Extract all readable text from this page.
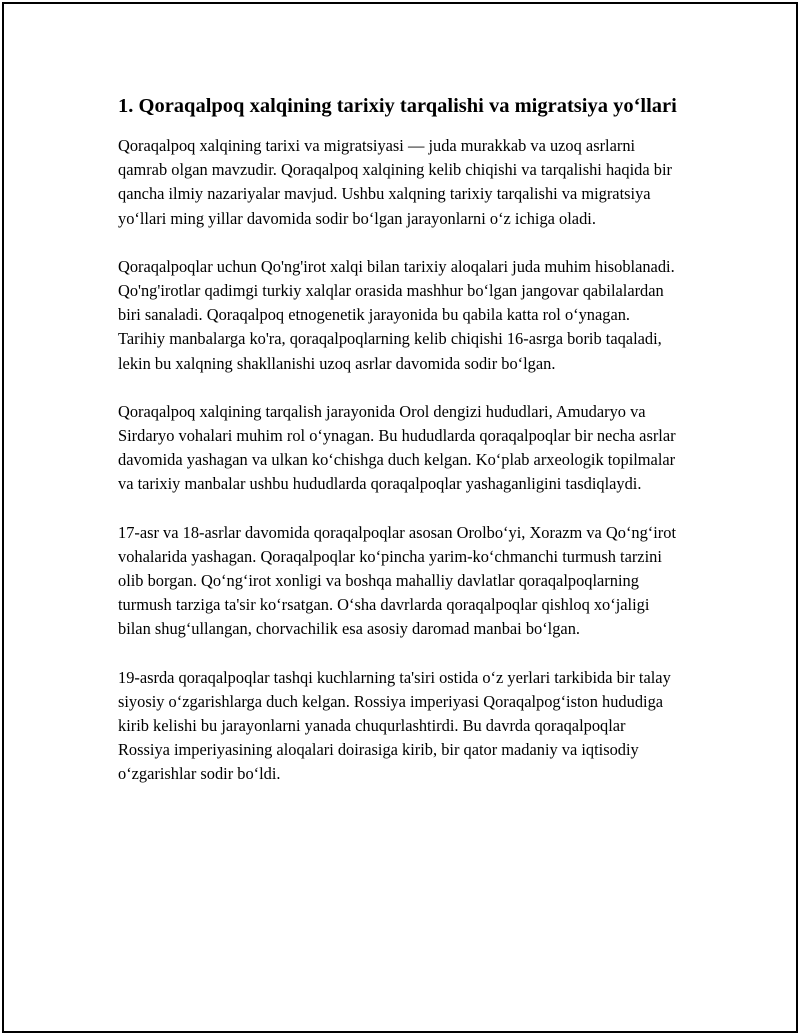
1. Qoraqalpoq xalqining tarixiy tarqalishi va migratsiya yo‘llari

Qoraqalpoq xalqining tarixi va migratsiyasi — juda murakkab va uzoq asrlarni qamrab olgan mavzudir. Qoraqalpoq xalqining kelib chiqishi va tarqalishi haqida bir qancha ilmiy nazariyalar mavjud. Ushbu xalqning tarixiy tarqalishi va migratsiya yo‘llari ming yillar davomida sodir bo‘lgan jarayonlarni o‘z ichiga oladi.

Qoraqalpoqlar uchun Qo'ng'irot xalqi bilan tarixiy aloqalari juda muhim hisoblanadi. Qo'ng'irotlar qadimgi turkiy xalqlar orasida mashhur bo‘lgan jangovar qabilalardan biri sanaladi. Qoraqalpoq etnogenetik jarayonida bu qabila katta rol o‘ynagan. Tarihiy manbalarga ko'ra, qoraqalpoqlarning kelib chiqishi 16-asrga borib taqaladi, lekin bu xalqning shakllanishi uzoq asrlar davomida sodir bo‘lgan.

Qoraqalpoq xalqining tarqalish jarayonida Orol dengizi hududlari, Amudaryo va Sirdaryo vohalari muhim rol o‘ynagan. Bu hududlarda qoraqalpoqlar bir necha asrlar davomida yashagan va ulkan ko‘chishga duch kelgan. Ko‘plab arxeologik topilmalar va tarixiy manbalar ushbu hududlarda qoraqalpoqlar yashaganligini tasdiqlaydi.

17-asr va 18-asrlar davomida qoraqalpoqlar asosan Orolbo‘yi, Xorazm va Qo‘ng‘irot vohalarida yashagan. Qoraqalpoqlar ko‘pincha yarim-ko‘chmanchi turmush tarzini olib borgan. Qo‘ng‘irot xonligi va boshqa mahalliy davlatlar qoraqalpoqlarning turmush tarziga ta'sir ko‘rsatgan. O‘sha davrlarda qoraqalpoqlar qishloq xo‘jaligi bilan shug‘ullangan, chorvachilik esa asosiy daromad manbai bo‘lgan.

19-asrda qoraqalpoqlar tashqi kuchlarning ta'siri ostida o‘z yerlari tarkibida bir talay siyosiy o‘zgarishlarga duch kelgan. Rossiya imperiyasi Qoraqalpog‘iston hududiga kirib kelishi bu jarayonlarni yanada chuqurlashtirdi. Bu davrda qoraqalpoqlar Rossiya imperiyasining aloqalari doirasiga kirib, bir qator madaniy va iqtisodiy o‘zgarishlar sodir bo‘ldi.
